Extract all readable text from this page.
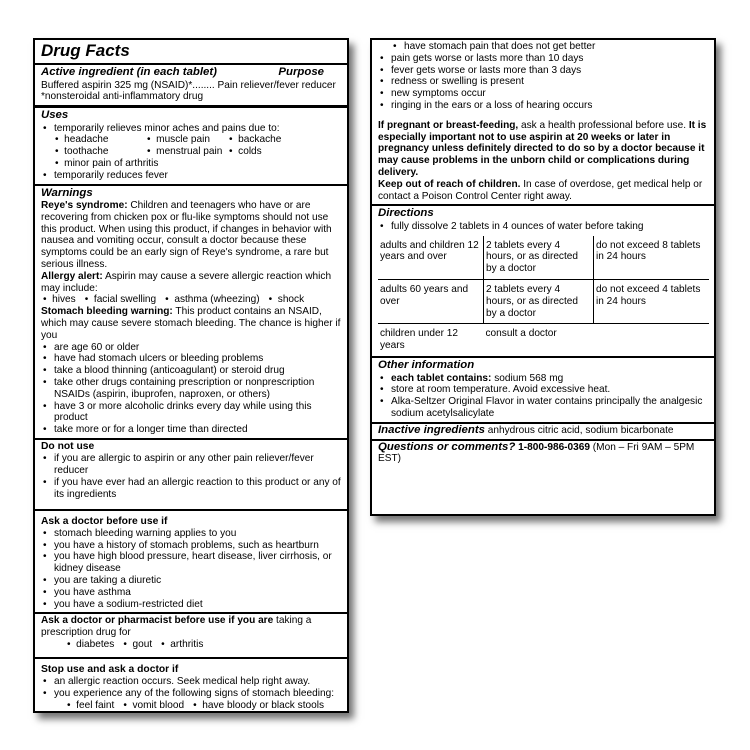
Drug Facts
Active ingredient (in each tablet)	Purpose

Buffered aspirin 325 mg (NSAID)*........ Pain reliever/fever reducer

*nonsteroidal anti-inflammatory drug

Uses
• temporarily relieves minor aches and pains due to:
•  headache	•  muscle pain	•  backache
•  toothache	•  menstrual pain	•  colds
•  minor pain of arthritis
• temporarily reduces fever
Warnings

Reye's syndrome: Children and teenagers who have or are recovering from chicken pox or flu-like symptoms should not use this product. When using this product, if changes in behavior with nausea and vomiting occur, consult a doctor because these symptoms could be an early sign of Reye's syndrome, a rare but serious illness.

Allergy alert: Aspirin may cause a severe allergic reaction which may include:

•  hives	•  facial swelling	•  asthma (wheezing)	•  shock

Stomach bleeding warning: This product contains an NSAID, which may cause severe stomach bleeding. The chance is higher if you

• are age 60 or older
• have had stomach ulcers or bleeding problems
• take a blood thinning (anticoagulant) or steroid drug
• take other drugs containing prescription or nonprescription NSAIDs (aspirin, ibuprofen, naproxen, or others)
• have 3 or more alcoholic drinks every day while using this product
• take more or for a longer time than directed
Do not use
• if you are allergic to aspirin or any other pain reliever/fever reducer
• if you have ever had an allergic reaction to this product or any of its ingredients
Ask a doctor before use if
• stomach bleeding warning applies to you
• you have a history of stomach problems, such as heartburn
• you have high blood pressure, heart disease, liver cirrhosis, or kidney disease
• you are taking a diuretic
• you have asthma
• you have a sodium-restricted diet

Ask a doctor or pharmacist before use if you are taking a prescription drug for

•  diabetes	•  gout	•  arthritis
Stop use and ask a doctor if
• an allergic reaction occurs. Seek medical help right away.
• you experience any of the following signs of stomach bleeding:
•  feel faint	•  vomit blood	•  have bloody or black stools
• have stomach pain that does not get better
• pain gets worse or lasts more than 10 days
• fever gets worse or lasts more than 3 days
• redness or swelling is present
• new symptoms occur
• ringing in the ears or a loss of hearing occurs

If pregnant or breast-feeding, ask a health professional before use. It is especially important not to use aspirin at 20 weeks or later in pregnancy unless definitely directed to do so by a doctor because it may cause problems in the unborn child or complications during delivery.

Keep out of reach of children. In case of overdose, get medical help or contact a Poison Control Center right away.

Directions
• fully dissolve 2 tablets in 4 ounces of water before taking
adults and children 12 years and over	2 tablets every 4 hours, or as directed by a doctor	do not exceed 8 tablets in 24 hours
adults 60 years and over	2 tablets every 4 hours, or as directed by a doctor	do not exceed 4 tablets in 24 hours
children under 12 years	consult a doctor	
Other information
• each tablet contains: sodium 568 mg
• store at room temperature. Avoid excessive heat.
• Alka-Seltzer Original Flavor in water contains principally the analgesic sodium acetylsalicylate

Inactive ingredients anhydrous citric acid, sodium bicarbonate

Questions or comments? 1-800-986-0369 (Mon – Fri 9AM – 5PM EST)
